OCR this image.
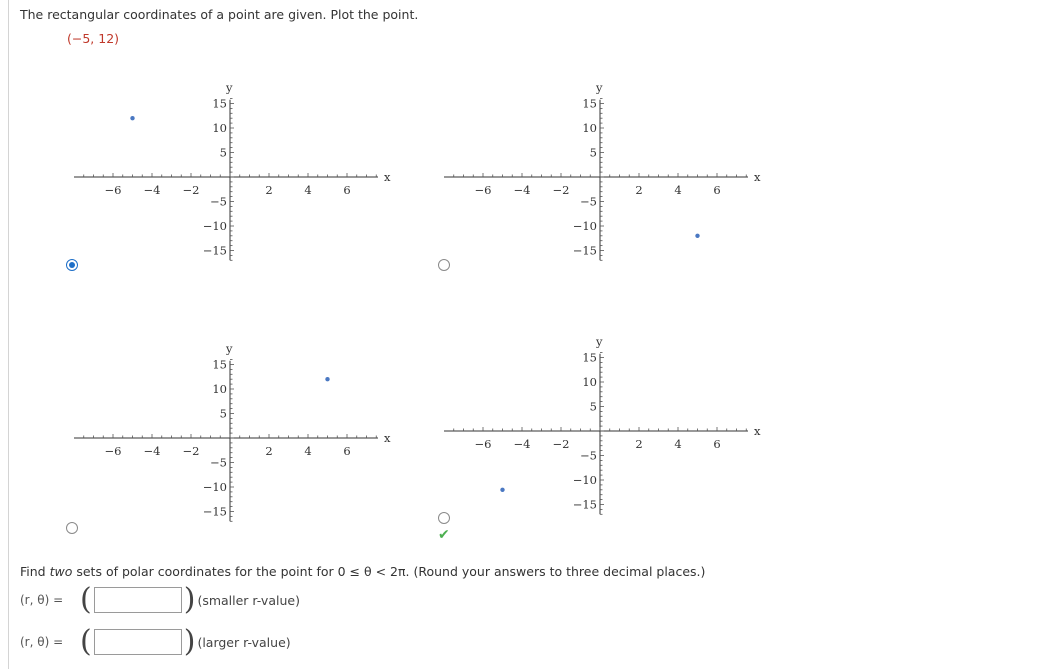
The rectangular coordinates of a point are given. Plot the point.
(−5, 12)
−6 −4 −2	2	4	6
15
10
5
−5
−10
−15
x
y
−6 −4 −2	2	4	6
15
10
5
−5
−10
−15
x
y
−6 −4 −2	2	4	6
15
10
5
−5
−10
−15
x
y
−6 −4 −2	2	4	6
15
10
5
−5
−10
−15
x
y
✔
Find two sets of polar coordinates for the point for 0 ≤ θ < 2π. (Round your answers to three decimal places.)
(r, θ) = (	) (smaller r-value)
(r, θ) = (	) (larger r-value)
